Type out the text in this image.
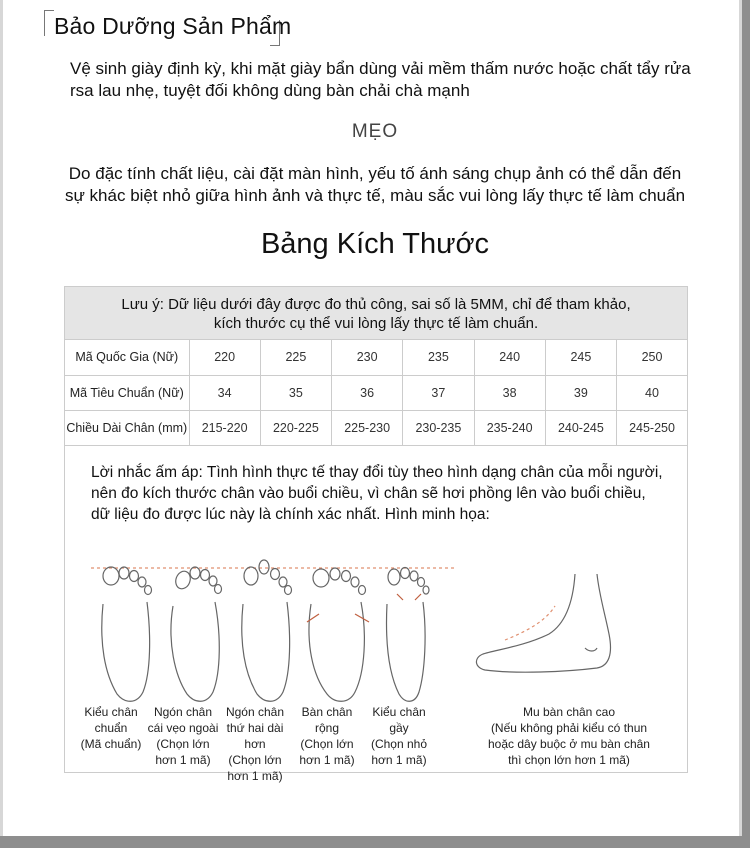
Bảo Dưỡng Sản Phẩm
Vệ sinh giày định kỳ, khi mặt giày bẩn dùng vải mềm thấm nước hoặc chất tẩy rửa rsa lau nhẹ, tuyệt đối không dùng bàn chải chà mạnh
MẸO
Do đặc tính chất liệu, cài đặt màn hình, yếu tố ánh sáng chụp ảnh có thể dẫn đến sự khác biệt nhỏ giữa hình ảnh và thực tế, màu sắc vui lòng lấy thực tế làm chuẩn
Bảng Kích Thước
Lưu ý: Dữ liệu dưới đây được đo thủ công, sai số là 5MM, chỉ để tham khảo,
kích thước cụ thể vui lòng lấy thực tế làm chuẩn.
Mã Quốc Gia (Nữ)	220	225	230	235	240	245	250
Mã Tiêu Chuẩn (Nữ)	34	35	36	37	38	39	40
Chiều Dài Chân (mm)	215-220	220-225	225-230	230-235	235-240	240-245	245-250
Lời nhắc ấm áp: Tình hình thực tế thay đổi tùy theo hình dạng chân của mỗi người,
nên đo kích thước chân vào buổi chiều, vì chân sẽ hơi phồng lên vào buổi chiều,
dữ liệu đo được lúc này là chính xác nhất. Hình minh họa:
Kiểu chân
chuẩn
(Mã chuẩn)
Ngón chân
cái vẹo ngoài
(Chọn lớn
hơn 1 mã)
Ngón chân
thứ hai dài hơn
(Chọn lớn
hơn 1 mã)
Bàn chân
rộng
(Chọn lớn
hơn 1 mã)
Kiểu chân
gầy
(Chọn nhỏ
hơn 1 mã)
Mu bàn chân cao
(Nếu không phải kiểu có thun
hoặc dây buộc ở mu bàn chân
thì chọn lớn hơn 1 mã)
